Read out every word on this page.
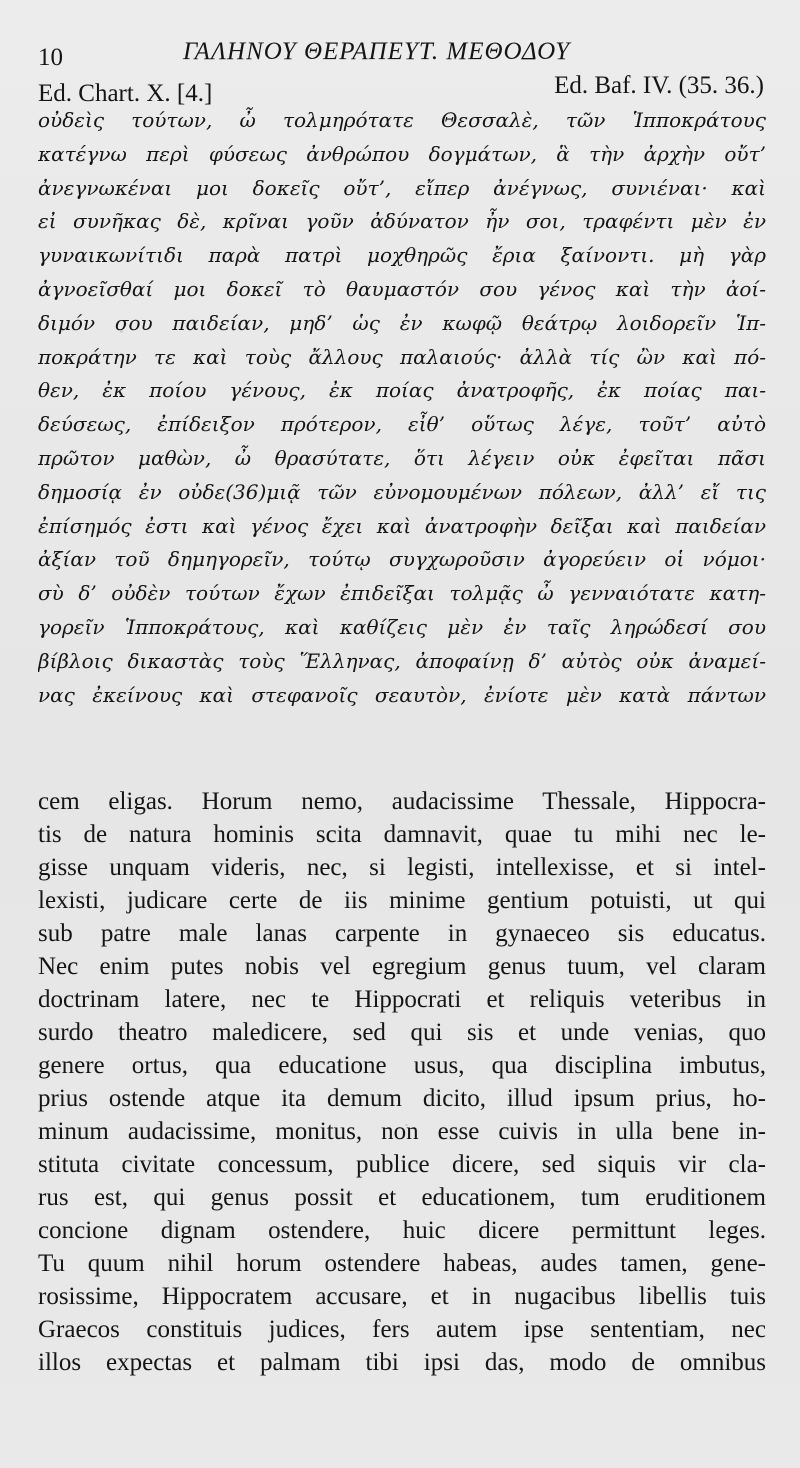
10	ΓΑΛΗΝΟΥ ΘΕΡΑΠΕΥΤ. ΜΕΘΟΔΟΥ
Ed. Chart. X. [4.]	Ed. Baf. IV. (35. 36.)
οὐδεὶς τούτων, ὦ τολμηρότατε Θεσσαλὲ, τῶν Ἱπποκράτους
κατέγνω περὶ φύσεως ἀνθρώπου δογμάτων, ἃ τὴν ἀρχὴν οὔτ’
ἀνεγνωκέναι μοι δοκεῖς οὔτ’, εἴπερ ἀνέγνως, συνιέναι· καὶ
εἰ συνῆκας δὲ, κρῖναι γοῦν ἀδύνατον ἦν σοι, τραφέντι μὲν ἐν
γυναικωνίτιδι παρὰ πατρὶ μοχθηρῶς ἔρια ξαίνοντι. μὴ γὰρ
ἀγνοεῖσθαί μοι δοκεῖ τὸ θαυμαστόν σου γένος καὶ τὴν ἀοί-
διμόν σου παιδείαν, μηδ’ ὡς ἐν κωφῷ θεάτρῳ λοιδορεῖν Ἱπ-
ποκράτην τε καὶ τοὺς ἄλλους παλαιούς· ἀλλὰ τίς ὢν καὶ πό-
θεν, ἐκ ποίου γένους, ἐκ ποίας ἀνατροφῆς, ἐκ ποίας παι-
δεύσεως, ἐπίδειξον πρότερον, εἶθ’ οὕτως λέγε, τοῦτ’ αὐτὸ
πρῶτον μαθὼν, ὦ θρασύτατε, ὅτι λέγειν οὐκ ἐφεῖται πᾶσι
δημοσίᾳ ἐν οὐδε(36)μιᾷ τῶν εὐνομουμένων πόλεων, ἀλλ’ εἴ τις
ἐπίσημός ἐστι καὶ γένος ἔχει καὶ ἀνατροφὴν δεῖξαι καὶ παιδείαν
ἀξίαν τοῦ δημηγορεῖν, τούτῳ συγχωροῦσιν ἀγορεύειν οἱ νόμοι·
σὺ δ’ οὐδὲν τούτων ἔχων ἐπιδεῖξαι τολμᾷς ὦ γενναιότατε κατη-
γορεῖν Ἱπποκράτους, καὶ καθίζεις μὲν ἐν ταῖς ληρώδεσί σου
βίβλοις δικαστὰς τοὺς Ἕλληνας, ἀποφαίνῃ δ’ αὐτὸς οὐκ ἀναμεί-
νας ἐκείνους καὶ στεφανοῖς σεαυτὸν, ἐνίοτε μὲν κατὰ πάντων
cem eligas. Horum nemo, audacissime Thessale, Hippocra-
tis de natura hominis scita damnavit, quae tu mihi nec le-
gisse unquam videris, nec, si legisti, intellexisse, et si intel-
lexisti, judicare certe de iis minime gentium potuisti, ut qui
sub patre male lanas carpente in gynaeceo sis educatus.
Nec enim putes nobis vel egregium genus tuum, vel claram
doctrinam latere, nec te Hippocrati et reliquis veteribus in
surdo theatro maledicere, sed qui sis et unde venias, quo
genere ortus, qua educatione usus, qua disciplina imbutus,
prius ostende atque ita demum dicito, illud ipsum prius, ho-
minum audacissime, monitus, non esse cuivis in ulla bene in-
stituta civitate concessum, publice dicere, sed siquis vir cla-
rus est, qui genus possit et educationem, tum eruditionem
concione dignam ostendere, huic dicere permittunt leges.
Tu quum nihil horum ostendere habeas, audes tamen, gene-
rosissime, Hippocratem accusare, et in nugacibus libellis tuis
Graecos constituis judices, fers autem ipse sententiam, nec
illos expectas et palmam tibi ipsi das, modo de omnibus
